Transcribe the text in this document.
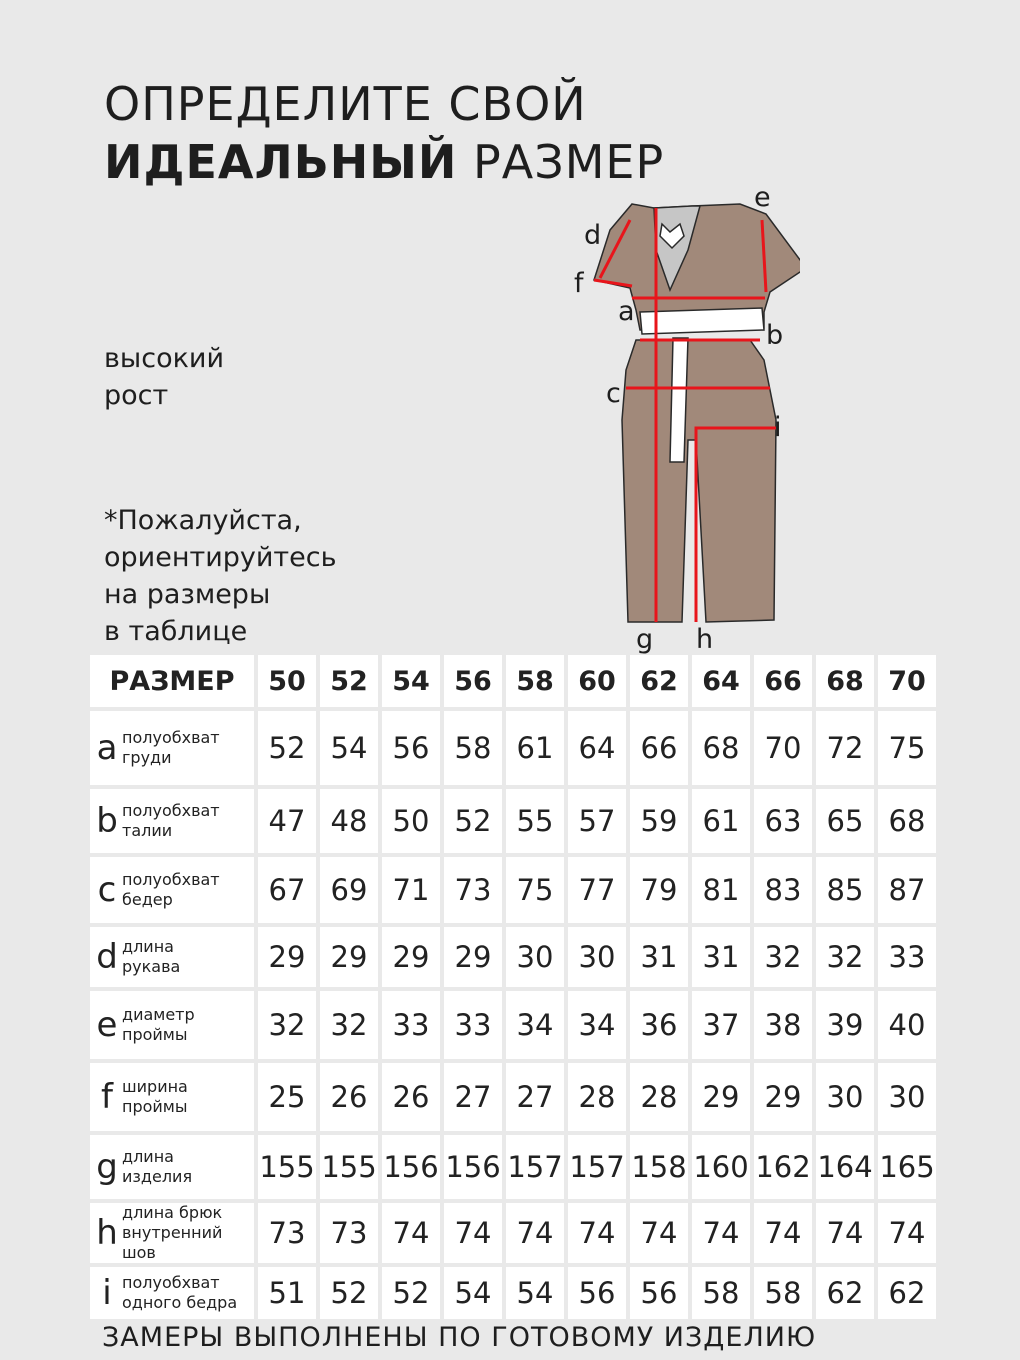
ОПРЕДЕЛИТЕ СВОЙ
ИДЕАЛЬНЫЙ РАЗМЕР
высокий
рост
*Пожалуйста,
ориентируйтесь
на размеры
в таблице
d
e
f
a
b
c
i
g h
РАЗМЕР	50	52	54	56	58	60	62	64	66	68	70

a полуобхват
груди	52	54	56	58	61	64	66	68	70	72	75

b полуобхват
талии	47	48	50	52	55	57	59	61	63	65	68

c полуобхват
бедер	67	69	71	73	75	77	79	81	83	85	87

d длина
рукава	29	29	29	29	30	30	31	31	32	32	33

e диаметр
проймы	32	32	33	33	34	34	36	37	38	39	40

f ширина
проймы	25	26	26	27	27	28	28	29	29	30	30

g длина
изделия	155	155	156	156	157	157	158	160	162	164	165

h
длина брюк
внутренний
шов	73	73	74	74	74	74	74	74	74	74	74

i полуобхват
одного бедра	51	52	52	54	54	56	56	58	58	62	62
ЗАМЕРЫ ВЫПОЛНЕНЫ ПО ГОТОВОМУ ИЗДЕЛИЮ
